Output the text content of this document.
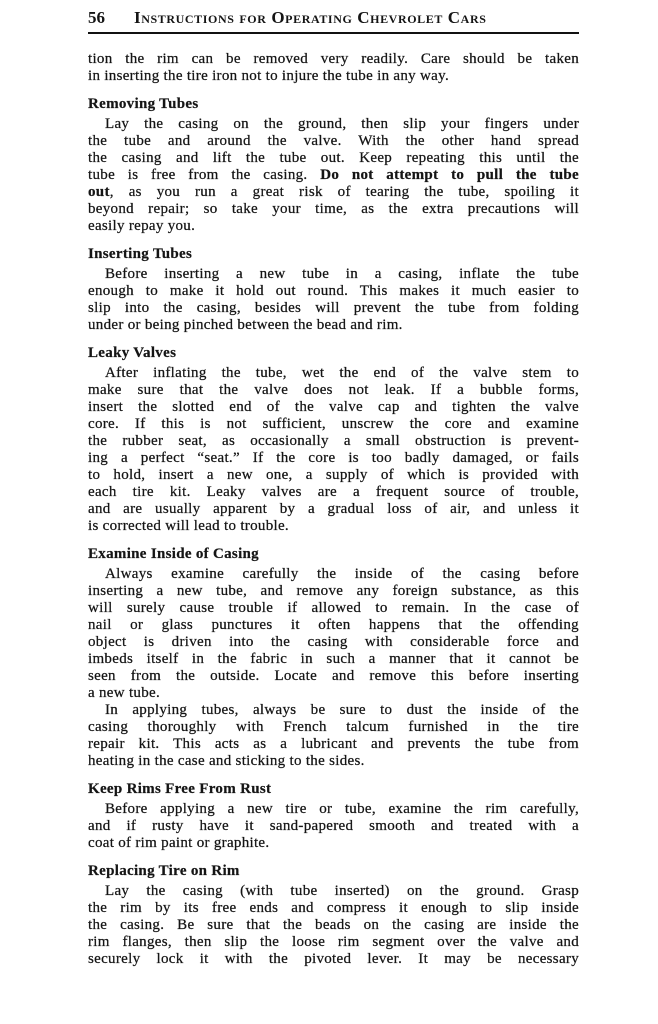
56	Instructions for Operating Chevrolet Cars
tion the rim can be removed very readily. Care should be taken
in inserting the tire iron not to injure the tube in any way.
Removing Tubes
Lay the casing on the ground, then slip your fingers under
the tube and around the valve. With the other hand spread
the casing and lift the tube out. Keep repeating this until the
tube is free from the casing. Do not attempt to pull the tube
out, as you run a great risk of tearing the tube, spoiling it
beyond repair; so take your time, as the extra precautions will
easily repay you.
Inserting Tubes
Before inserting a new tube in a casing, inflate the tube
enough to make it hold out round. This makes it much easier to
slip into the casing, besides will prevent the tube from folding
under or being pinched between the bead and rim.
Leaky Valves
After inflating the tube, wet the end of the valve stem to
make sure that the valve does not leak. If a bubble forms,
insert the slotted end of the valve cap and tighten the valve
core. If this is not sufficient, unscrew the core and examine
the rubber seat, as occasionally a small obstruction is prevent-
ing a perfect “seat.” If the core is too badly damaged, or fails
to hold, insert a new one, a supply of which is provided with
each tire kit. Leaky valves are a frequent source of trouble,
and are usually apparent by a gradual loss of air, and unless it
is corrected will lead to trouble.
Examine Inside of Casing
Always examine carefully the inside of the casing before
inserting a new tube, and remove any foreign substance, as this
will surely cause trouble if allowed to remain. In the case of
nail or glass punctures it often happens that the offending
object is driven into the casing with considerable force and
imbeds itself in the fabric in such a manner that it cannot be
seen from the outside. Locate and remove this before inserting
a new tube.
In applying tubes, always be sure to dust the inside of the
casing thoroughly with French talcum furnished in the tire
repair kit. This acts as a lubricant and prevents the tube from
heating in the case and sticking to the sides.
Keep Rims Free From Rust
Before applying a new tire or tube, examine the rim carefully,
and if rusty have it sand-papered smooth and treated with a
coat of rim paint or graphite.
Replacing Tire on Rim
Lay the casing (with tube inserted) on the ground. Grasp
the rim by its free ends and compress it enough to slip inside
the casing. Be sure that the beads on the casing are inside the
rim flanges, then slip the loose rim segment over the valve and
securely lock it with the pivoted lever. It may be necessary
